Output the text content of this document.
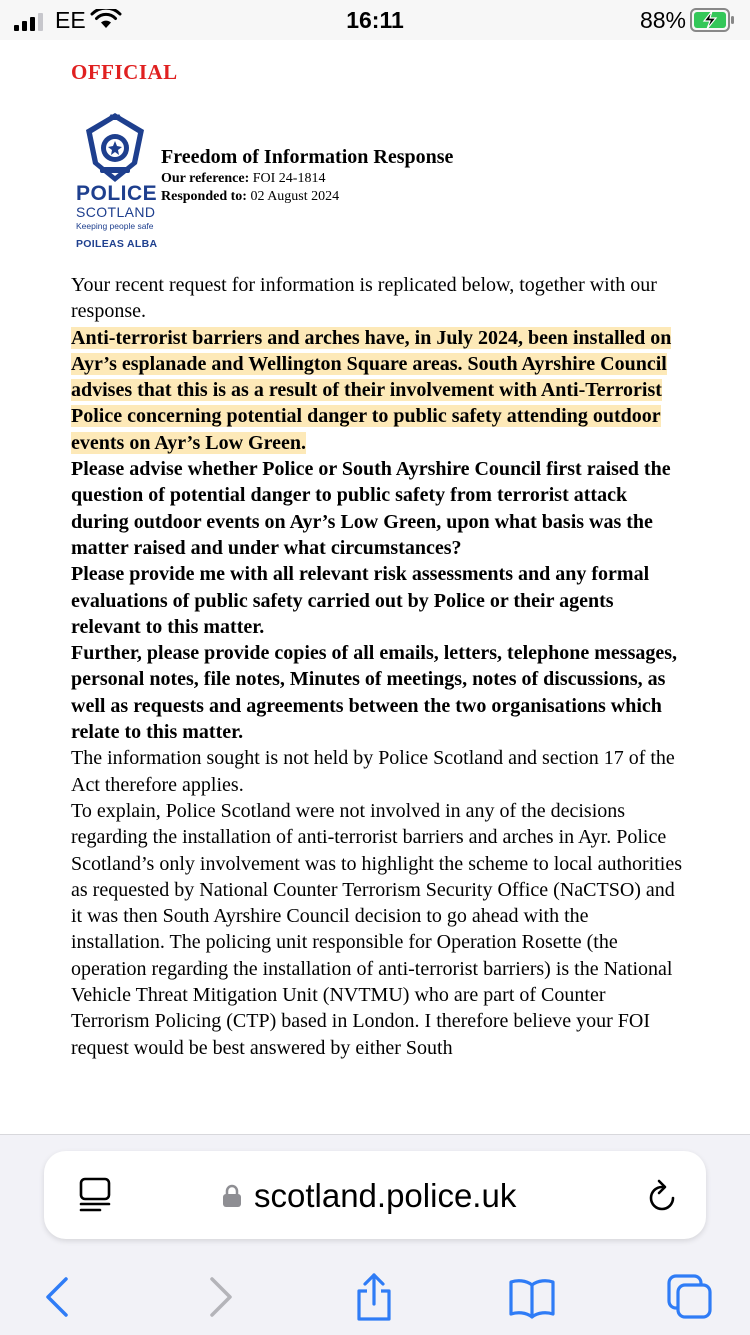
EE	16:11	88%
OFFICIAL
POLICE
SCOTLAND
Keeping people safe
POILEAS ALBA
Freedom of Information Response
Our reference: FOI 24-1814
Responded to: 02 August 2024

Your recent request for information is replicated below, together with our response.

Anti-terrorist barriers and arches have, in July 2024, been installed on Ayr’s esplanade and Wellington Square areas. South Ayrshire Council advises that this is as a result of their involvement with Anti-Terrorist Police concerning potential danger to public safety attending outdoor events on Ayr’s Low Green.

Please advise whether Police or South Ayrshire Council first raised the question of potential danger to public safety from terrorist attack during outdoor events on Ayr’s Low Green, upon what basis was the matter raised and under what circumstances?

Please provide me with all relevant risk assessments and any formal evaluations of public safety carried out by Police or their agents relevant to this matter.

Further, please provide copies of all emails, letters, telephone messages, personal notes, file notes, Minutes of meetings, notes of discussions, as well as requests and agreements between the two organisations which relate to this matter.

The information sought is not held by Police Scotland and section 17 of the Act therefore applies.

To explain, Police Scotland were not involved in any of the decisions regarding the installation of anti-terrorist barriers and arches in Ayr. Police Scotland’s only involvement was to highlight the scheme to local authorities as requested by National Counter Terrorism Security Office (NaCTSO) and it was then South Ayrshire Council decision to go ahead with the installation. The policing unit responsible for Operation Rosette (the operation regarding the installation of anti-terrorist barriers) is the National Vehicle Threat Mitigation Unit (NVTMU) who are part of Counter Terrorism Policing (CTP) based in London. I therefore believe your FOI request would be best answered by either South

scotland.police.uk
